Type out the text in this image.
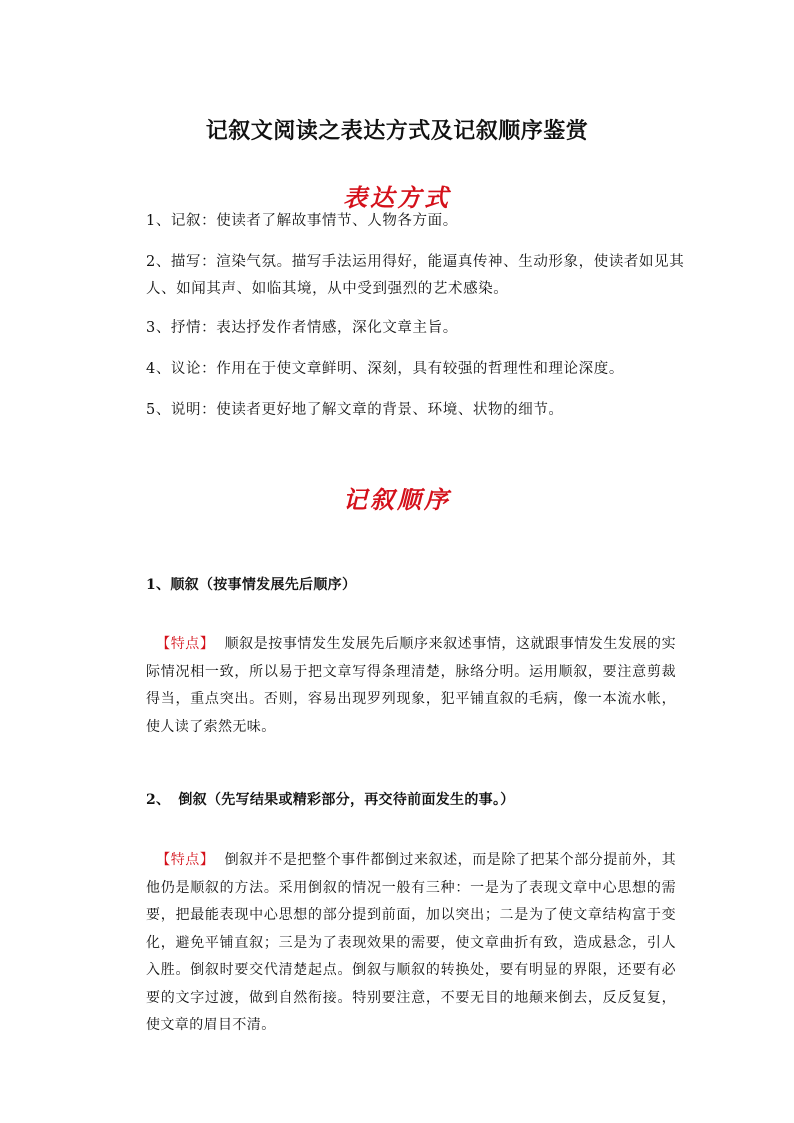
记叙文阅读之表达方式及记叙顺序鉴赏
表达方式
1、记叙：使读者了解故事情节、人物各方面。
2、描写：渲染气氛。描写手法运用得好，能逼真传神、生动形象，使读者如见其人、如闻其声、如临其境，从中受到强烈的艺术感染。
3、抒情：表达抒发作者情感，深化文章主旨。
4、议论：作用在于使文章鲜明、深刻，具有较强的哲理性和理论深度。
5、说明：使读者更好地了解文章的背景、环境、状物的细节。
记叙顺序

1、顺叙（按事情发展先后顺序）

【特点】 顺叙是按事情发生发展先后顺序来叙述事情，这就跟事情发生发展的实际情况相一致，所以易于把文章写得条理清楚，脉络分明。运用顺叙，要注意剪裁得当，重点突出。否则，容易出现罗列现象，犯平铺直叙的毛病，像一本流水帐，使人读了索然无味。

2、 倒叙（先写结果或精彩部分，再交待前面发生的事。）

【特点】 倒叙并不是把整个事件都倒过来叙述，而是除了把某个部分提前外，其他仍是顺叙的方法。采用倒叙的情况一般有三种：一是为了表现文章中心思想的需要，把最能表现中心思想的部分提到前面，加以突出；二是为了使文章结构富于变化，避免平铺直叙；三是为了表现效果的需要，使文章曲折有致，造成悬念，引人入胜。倒叙时要交代清楚起点。倒叙与顺叙的转换处，要有明显的界限，还要有必要的文字过渡，做到自然衔接。特别要注意，不要无目的地颠来倒去，反反复复，使文章的眉目不清。
